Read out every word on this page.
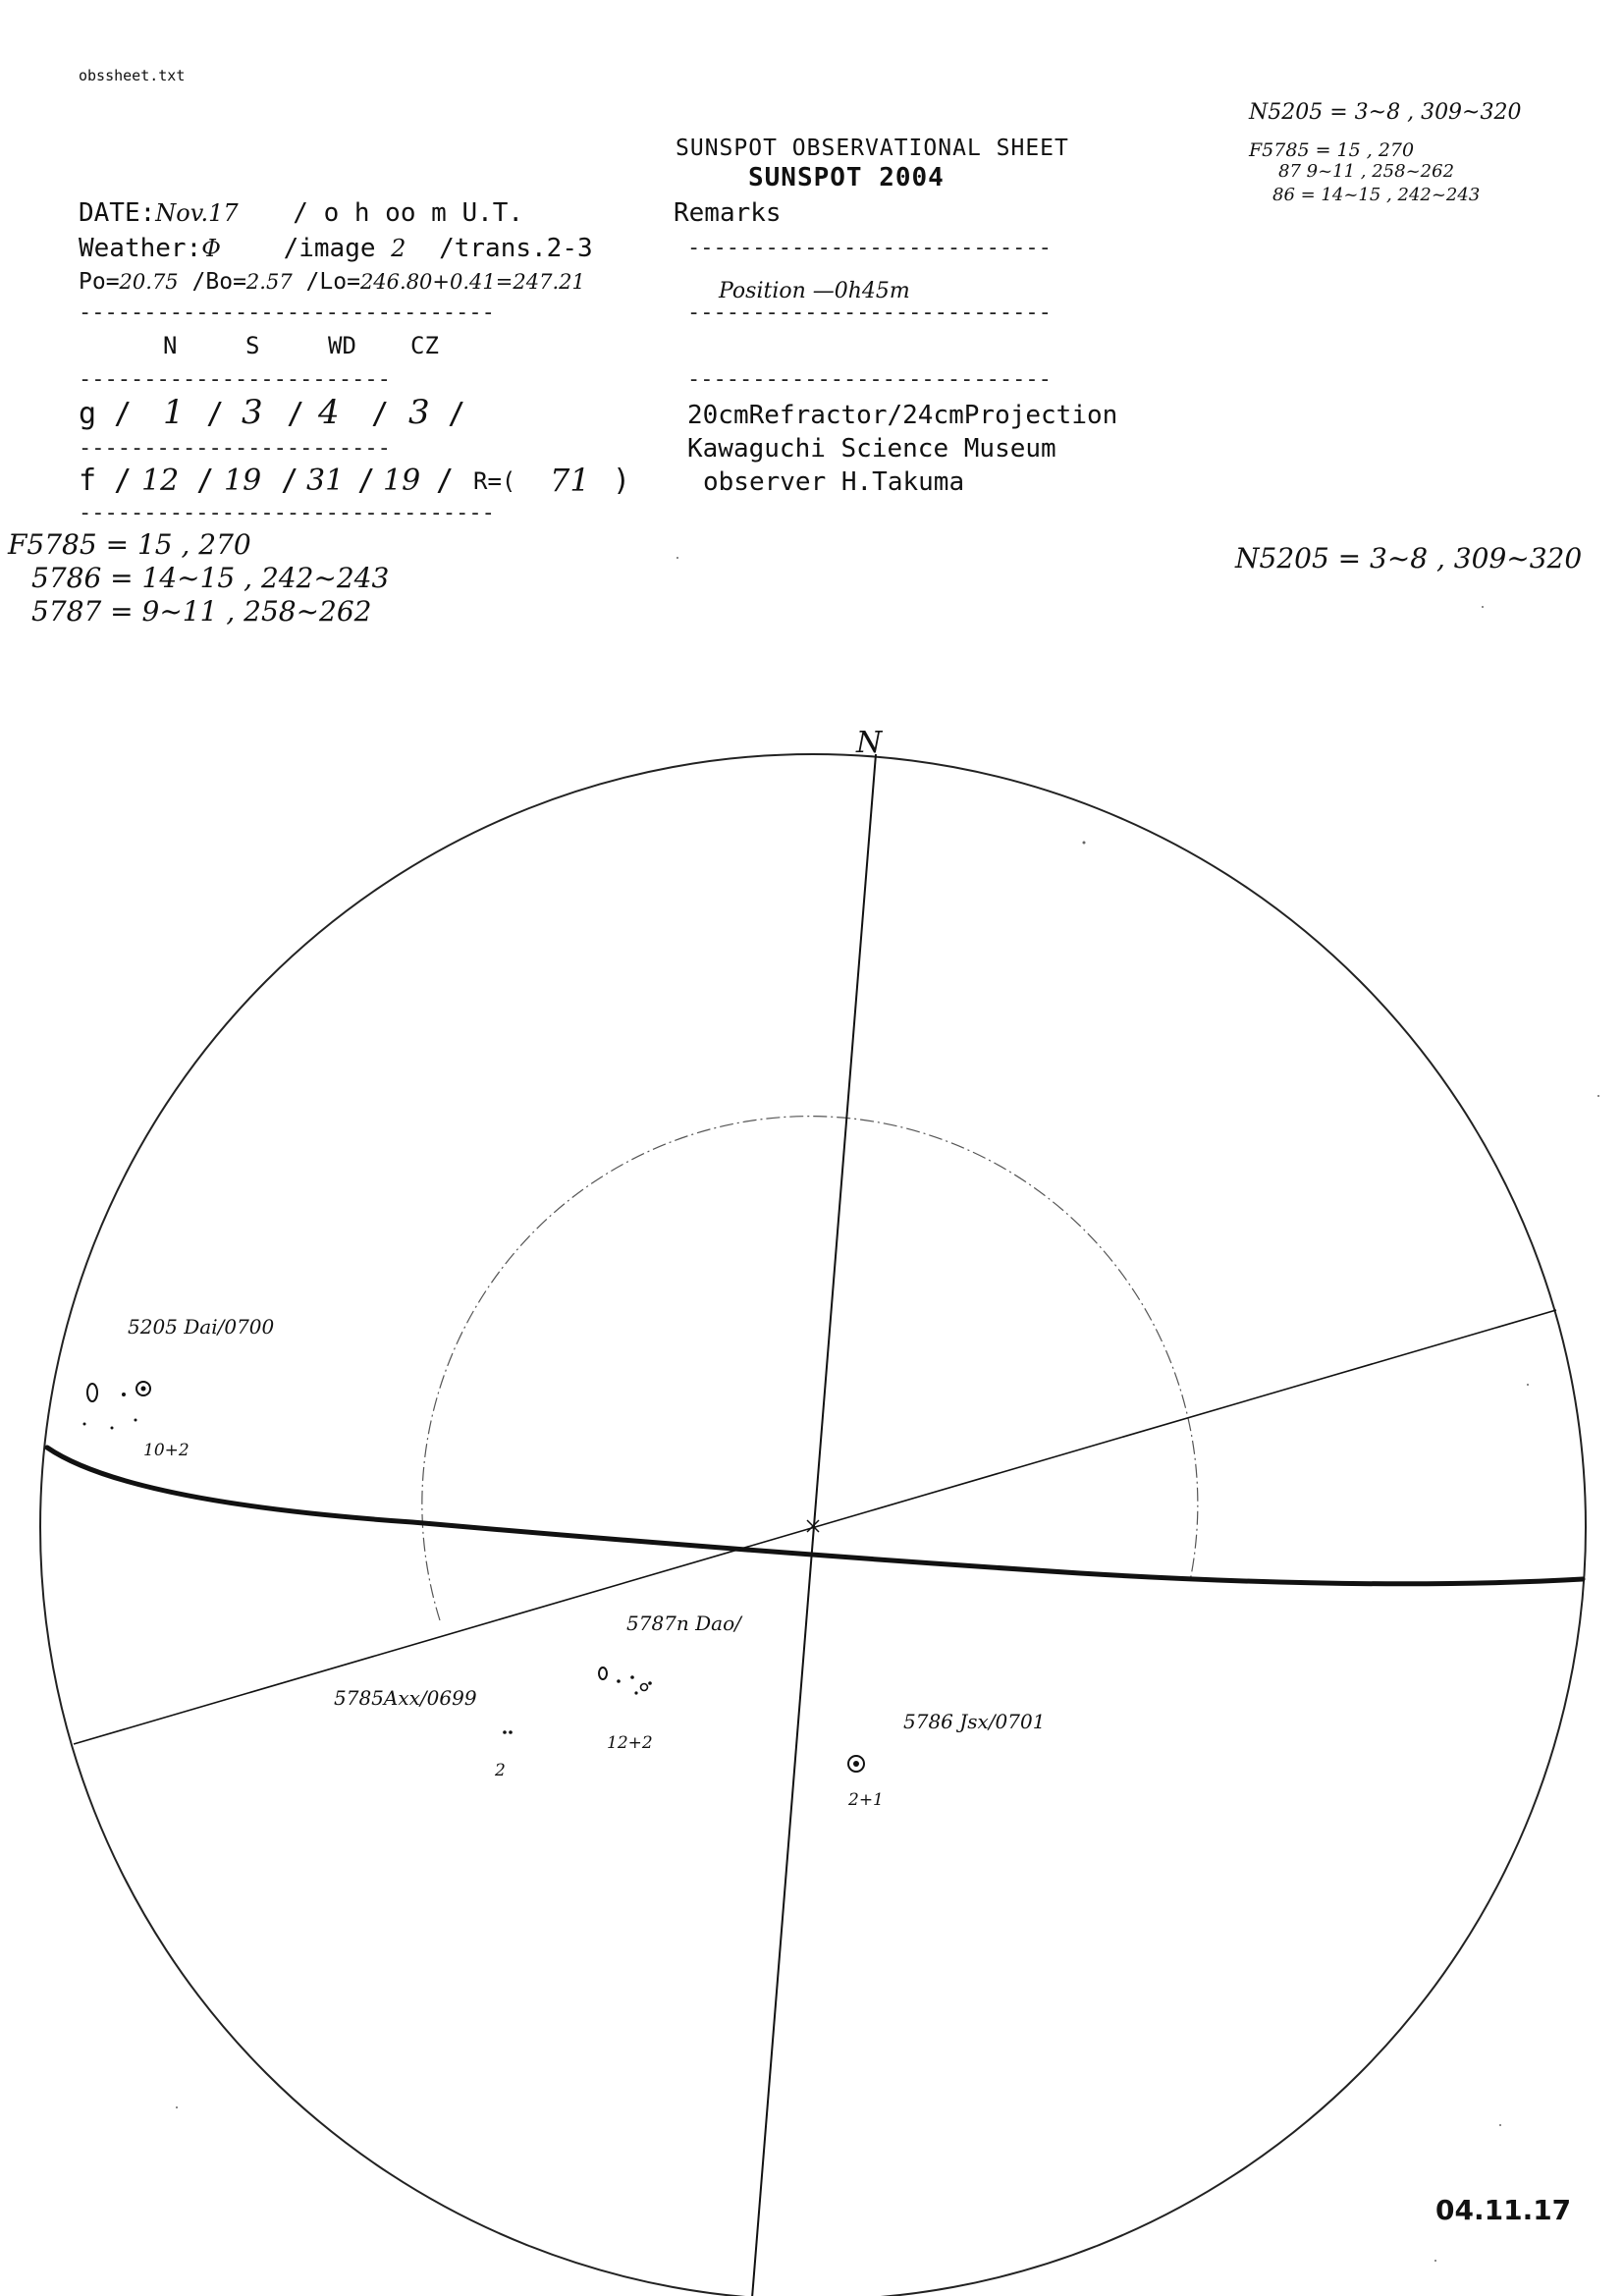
obssheet.txt
SUNSPOT OBSERVATIONAL SHEET
SUNSPOT 2004
DATE:Nov.17 / o h oo m U.T.
Weather:Φ /image 2 /trans.2-3
Po=20.75 /Bo=2.57 /Lo=246.80+0.41=247.21
--------------------------------
N	S	WD CZ
------------------------
g / 1 / 3 / 4 / 3 /
------------------------
f / 12 / 19 / 31 / 19 / R=( 71 )
--------------------------------
Remarks
----------------------------
Position —0h45m
----------------------------
----------------------------
20cmRefractor/24cmProjection
Kawaguchi Science Museum
observer H.Takuma
N5205 = 3~8 , 309~320
F5785 = 15 , 270
87 9~11 , 258~262
86 = 14~15 , 242~243
F5785 = 15 , 270
5786 = 14~15 , 242~243
5787 = 9~11 , 258~262
N5205 = 3~8 , 309~320
N
5205 Dai/0700
10+2
5787n Dao/
12+2
5785Axx/0699
2
5786 Jsx/0701
2+1
04.11.17
